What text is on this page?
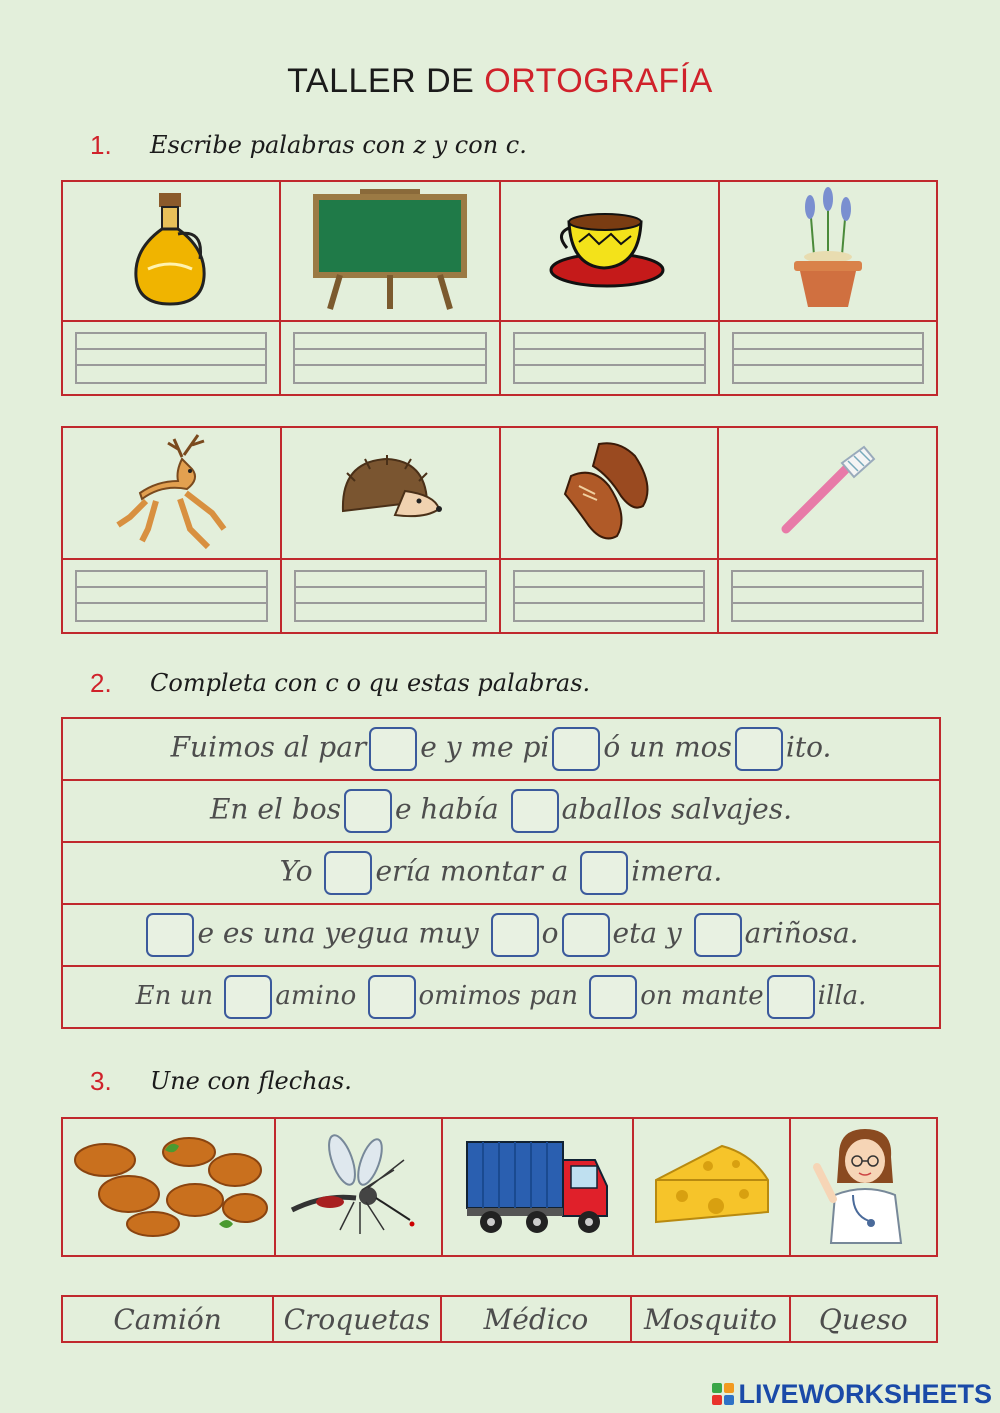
TALLER DE ORTOGRAFÍA
1. Escribe palabras con z y con c.

2. Completa con c o qu estas palabras.
Fuimos al par e y me pi ó un mos ito.
En el bos e había aballos salvajes.
Yo ería montar a imera.
e es una yegua muy o eta y ariñosa.
En un amino omimos pan on mante illa.
3. Une con flechas.

Camión	Croquetas	Médico	Mosquito	Queso
LIVEWORKSHEETS
